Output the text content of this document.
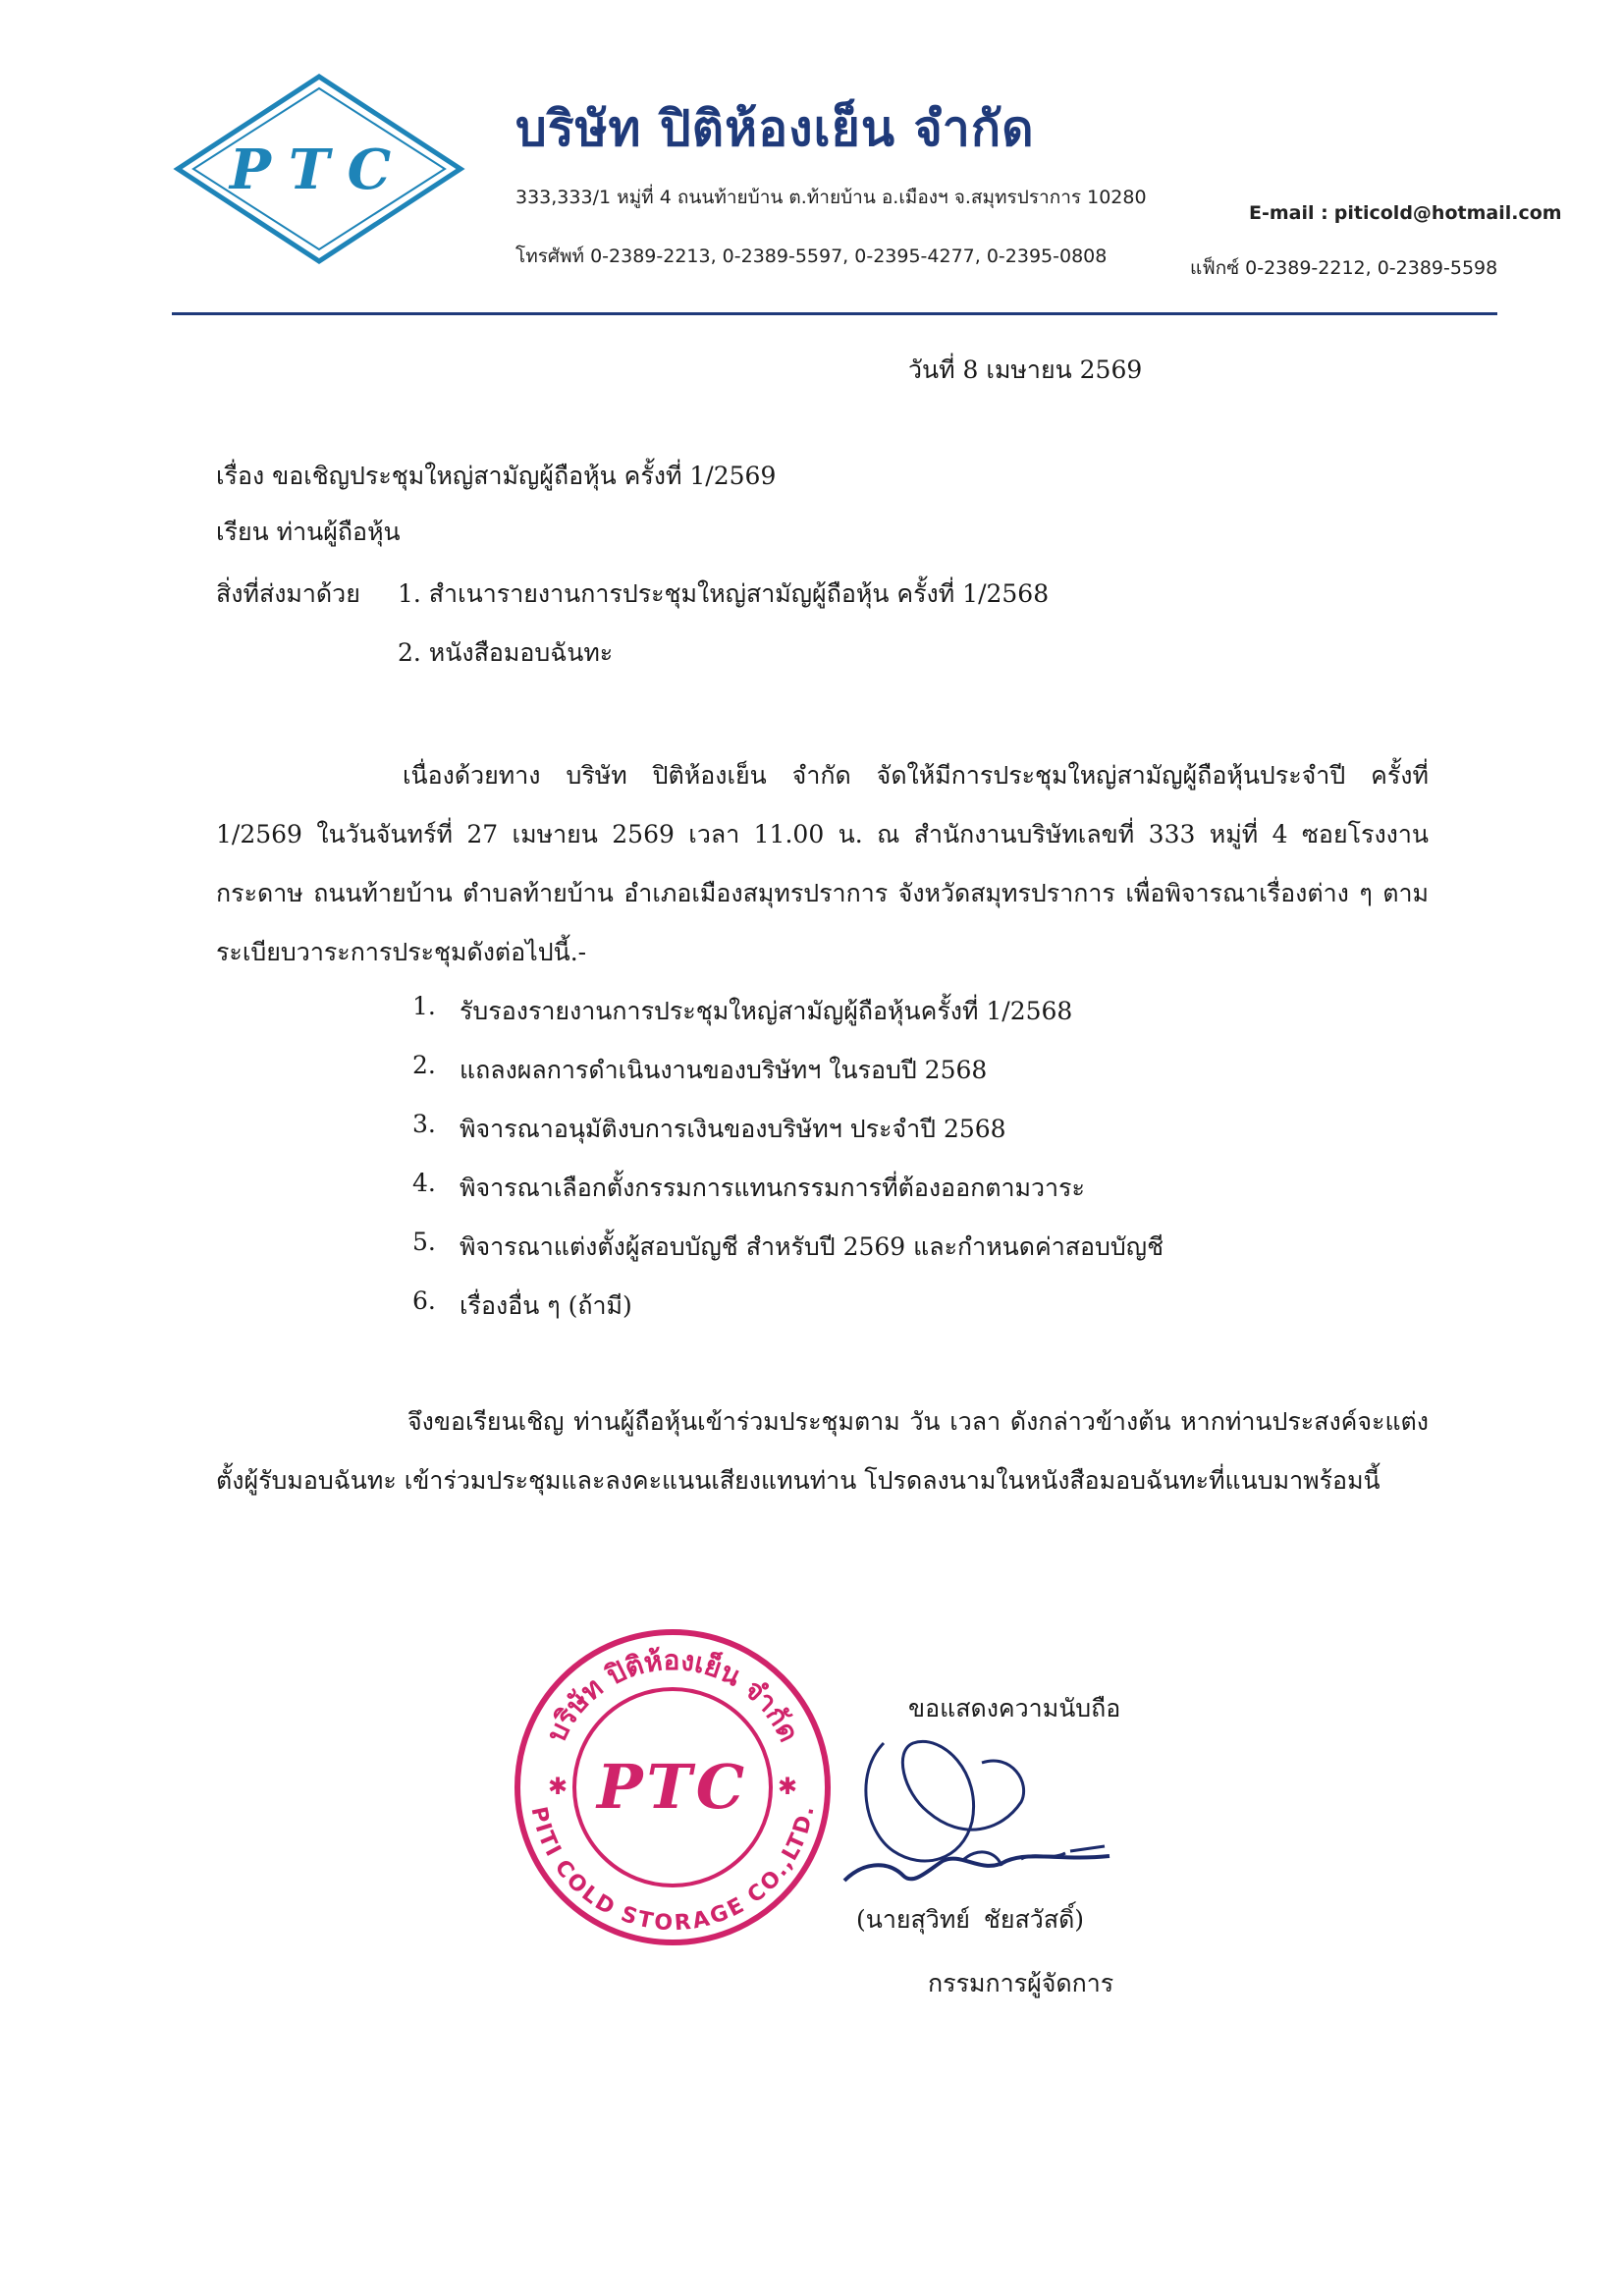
PTC
บริษัท ปิติห้องเย็น จำกัด
333,333/1 หมู่ที่ 4 ถนนท้ายบ้าน ต.ท้ายบ้าน อ.เมืองฯ จ.สมุทรปราการ 10280
E-mail : piticold@hotmail.com
โทรศัพท์ 0-2389-2213, 0-2389-5597, 0-2395-4277, 0-2395-0808
แฟ็กซ์ 0-2389-2212, 0-2389-5598
วันที่ 8 เมษายน 2569
เรื่อง ขอเชิญประชุมใหญ่สามัญผู้ถือหุ้น ครั้งที่ 1/2569
เรียน ท่านผู้ถือหุ้น
สิ่งที่ส่งมาด้วย 1. สำเนารายงานการประชุมใหญ่สามัญผู้ถือหุ้น ครั้งที่ 1/2568
2. หนังสือมอบฉันทะ
เนื่องด้วยทาง บริษัท ปิติห้องเย็น จำกัด จัดให้มีการประชุมใหญ่สามัญผู้ถือหุ้นประจำปี ครั้งที่ 1/2569 ในวันจันทร์ที่ 27 เมษายน 2569 เวลา 11.00 น. ณ สำนักงานบริษัทเลขที่ 333 หมู่ที่ 4 ซอยโรงงานกระดาษ ถนนท้ายบ้าน ตำบลท้ายบ้าน อำเภอเมืองสมุทรปราการ จังหวัดสมุทรปราการ เพื่อพิจารณาเรื่องต่าง ๆ ตามระเบียบวาระการประชุมดังต่อไปนี้.-
1. รับรองรายงานการประชุมใหญ่สามัญผู้ถือหุ้นครั้งที่ 1/2568
2. แถลงผลการดำเนินงานของบริษัทฯ ในรอบปี 2568
3. พิจารณาอนุมัติงบการเงินของบริษัทฯ ประจำปี 2568
4. พิจารณาเลือกตั้งกรรมการแทนกรรมการที่ต้องออกตามวาระ
5. พิจารณาแต่งตั้งผู้สอบบัญชี สำหรับปี 2569 และกำหนดค่าสอบบัญชี
6. เรื่องอื่น ๆ (ถ้ามี)
จึงขอเรียนเชิญ ท่านผู้ถือหุ้นเข้าร่วมประชุมตาม วัน เวลา ดังกล่าวข้างต้น หากท่านประสงค์จะแต่งตั้งผู้รับมอบฉันทะ เข้าร่วมประชุมและลงคะแนนเสียงแทนท่าน โปรดลงนามในหนังสือมอบฉันทะที่แนบมาพร้อมนี้
ขอแสดงความนับถือ
บริษัท ปิติห้องเย็น จำกัด
PITI COLD STORAGE CO.,LTD.
PTC
✱	✱
(นายสุวิทย์ ชัยสวัสดิ์)
กรรมการผู้จัดการ
